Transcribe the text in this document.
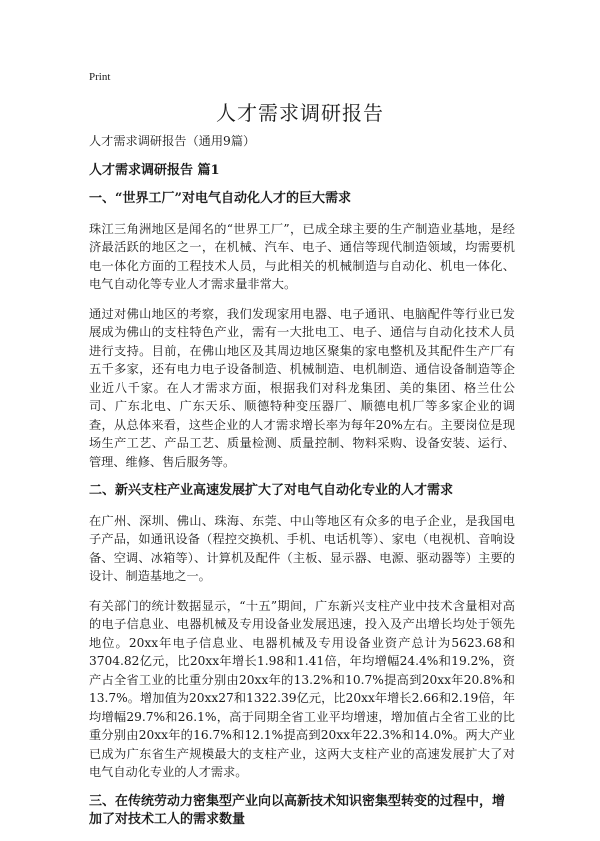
Print
人才需求调研报告

人才需求调研报告（通用9篇）

人才需求调研报告 篇1

一、“世界工厂”对电气自动化人才的巨大需求

珠江三角洲地区是闻名的“世界工厂”，已成全球主要的生产制造业基地，是经济最活跃的地区之一，在机械、汽车、电子、通信等现代制造领域，均需要机电一体化方面的工程技术人员，与此相关的机械制造与自动化、机电一体化、电气自动化等专业人才需求量非常大。

通过对佛山地区的考察，我们发现家用电器、电子通讯、电脑配件等行业已发展成为佛山的支柱特色产业，需有一大批电工、电子、通信与自动化技术人员进行支持。目前，在佛山地区及其周边地区聚集的家电整机及其配件生产厂有五千多家，还有电力电子设备制造、机械制造、电机制造、通信设备制造等企业近八千家。在人才需求方面，根据我们对科龙集团、美的集团、格兰仕公司、广东北电、广东天乐、顺德特种变压器厂、顺德电机厂等多家企业的调查，从总体来看，这些企业的人才需求增长率为每年20%左右。主要岗位是现场生产工艺、产品工艺、质量检测、质量控制、物料采购、设备安装、运行、管理、维修、售后服务等。

二、新兴支柱产业高速发展扩大了对电气自动化专业的人才需求

在广州、深圳、佛山、珠海、东莞、中山等地区有众多的电子企业，是我国电子产品，如通讯设备（程控交换机、手机、电话机等）、家电（电视机、音响设备、空调、冰箱等）、计算机及配件（主板、显示器、电源、驱动器等）主要的设计、制造基地之一。

有关部门的统计数据显示，“十五”期间，广东新兴支柱产业中技术含量相对高的电子信息业、电器机械及专用设备业发展迅速，投入及产出增长均处于领先地位。20xx年电子信息业、电器机械及专用设备业资产总计为5623.68和3704.82亿元，比20xx年增长1.98和1.41倍，年均增幅24.4%和19.2%，资产占全省工业的比重分别由20xx年的13.2%和10.7%提高到20xx年20.8%和13.7%。增加值为20xx27和1322.39亿元，比20xx年增长2.66和2.19倍，年均增幅29.7%和26.1%，高于同期全省工业平均增速，增加值占全省工业的比重分别由20xx年的16.7%和12.1%提高到20xx年22.3%和14.0%。两大产业已成为广东省生产规模最大的支柱产业，这两大支柱产业的高速发展扩大了对电气自动化专业的人才需求。

三、在传统劳动力密集型产业向以高新技术知识密集型转变的过程中，增加了对技术工人的需求数量
